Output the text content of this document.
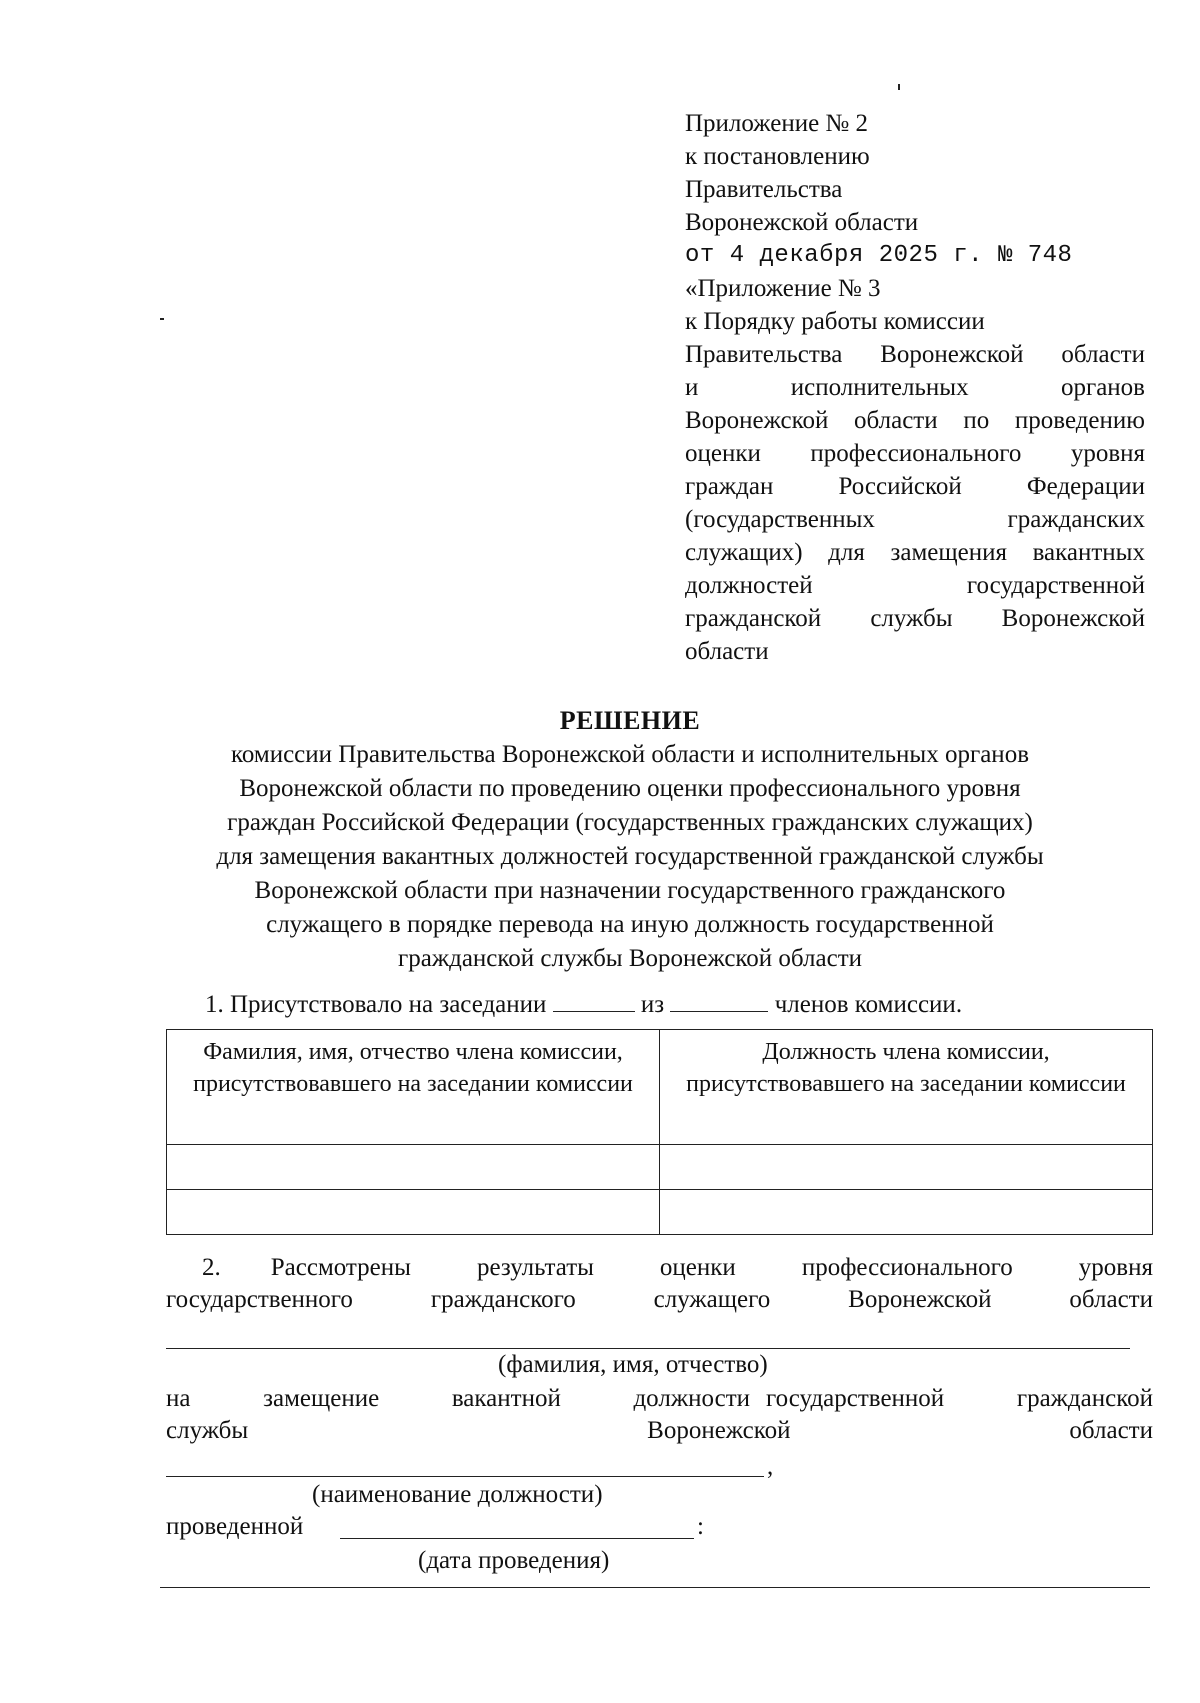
Приложение № 2
к постановлению
Правительства
Воронежской области
от 4 декабря 2025 г. № 748
«Приложение № 3
к Порядку работы комиссии
Правительства Воронежской области
и	исполнительных	органов
Воронежской области по проведению
оценки профессионального уровня
граждан	Российской	Федерации
(государственных	гражданских
служащих) для замещения вакантных
должностей	государственной
гражданской службы Воронежской
области
РЕШЕНИЕ
комиссии Правительства Воронежской области и исполнительных органов
Воронежской области по проведению оценки профессионального уровня
граждан Российской Федерации (государственных гражданских служащих)
для замещения вакантных должностей государственной гражданской службы
Воронежской области при назначении государственного гражданского
служащего в порядке перевода на иную должность государственной
гражданской службы Воронежской области
1. Присутствовало на заседании	из	членов комиссии.
Фамилия, имя, отчество члена комиссии, присутствовавшего на заседании комиссии	Должность члена комиссии, присутствовавшего на заседании комиссии

2. Рассмотрены	результаты	оценки	профессионального	уровня
государственного	гражданского	служащего	Воронежской	области
(фамилия, имя, отчество)
на	замещение	вакантной	должности государственной	гражданской
службы	Воронежской	области
,
(наименование должности)
проведенной	:
(дата проведения)
